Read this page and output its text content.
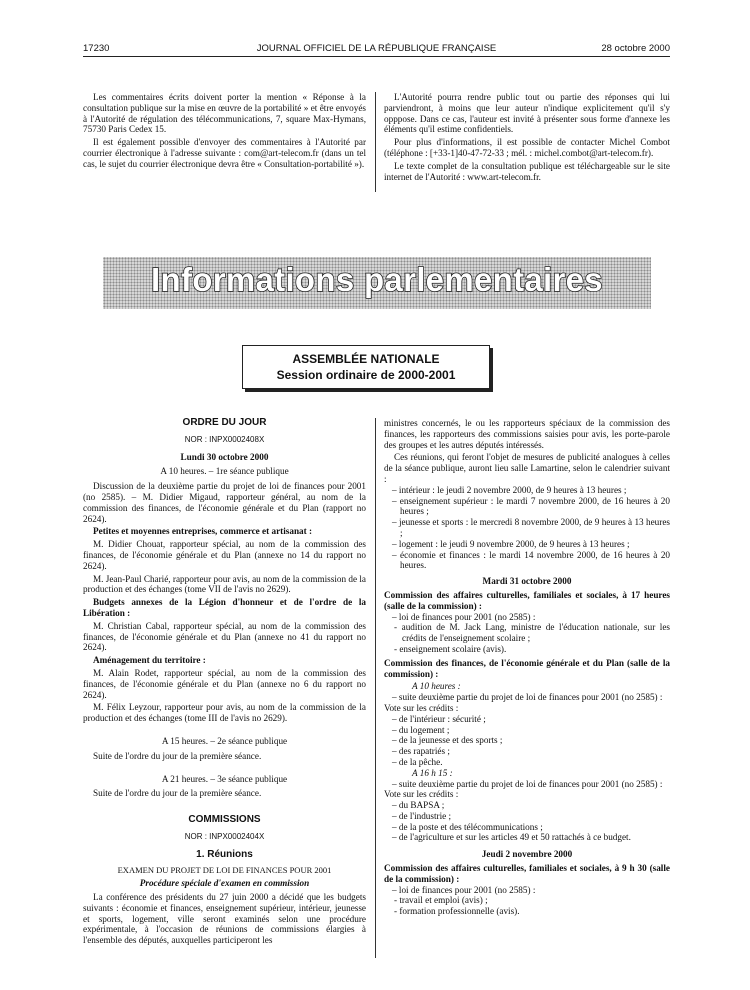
17230	JOURNAL OFFICIEL DE LA RÉPUBLIQUE FRANÇAISE	28 octobre 2000

Les commentaires écrits doivent porter la mention « Réponse à la consultation publique sur la mise en œuvre de la portabilité » et être envoyés à l'Autorité de régulation des télécommunications, 7, square Max-Hymans, 75730 Paris Cedex 15.

Il est également possible d'envoyer des commentaires à l'Autorité par courrier électronique à l'adresse suivante : com@art-telecom.fr (dans un tel cas, le sujet du courrier électronique devra être « Consultation-portabilité »).

L'Autorité pourra rendre public tout ou partie des réponses qui lui parviendront, à moins que leur auteur n'indique explicitement qu'il s'y opppose. Dans ce cas, l'auteur est invité à présenter sous forme d'annexe les éléments qu'il estime confidentiels.

Pour plus d'informations, il est possible de contacter Michel Combot (téléphone : [+33-1]40-47-72-33 ; mél. : michel.combot@art-telecom.fr).

Le texte complet de la consultation publique est téléchargeable sur le site internet de l'Autorité : www.art-telecom.fr.

Informations parlementaires
ASSEMBLÉE NATIONALE
Session ordinaire de 2000-2001
ORDRE DU JOUR
NOR : INPX0002408X

Lundi 30 octobre 2000

A 10 heures. – 1re séance publique

Discussion de la deuxième partie du projet de loi de finances pour 2001 (no 2585). – M. Didier Migaud, rapporteur général, au nom de la commission des finances, de l'économie générale et du Plan (rapport no 2624).

Petites et moyennes entreprises, commerce et artisanat :

M. Didier Chouat, rapporteur spécial, au nom de la commission des finances, de l'économie générale et du Plan (annexe no 14 du rapport no 2624).

M. Jean-Paul Charié, rapporteur pour avis, au nom de la commission de la production et des échanges (tome VII de l'avis no 2629).

Budgets annexes de la Légion d'honneur et de l'ordre de la Libération :

M. Christian Cabal, rapporteur spécial, au nom de la commission des finances, de l'économie générale et du Plan (annexe no 41 du rapport no 2624).

Aménagement du territoire :

M. Alain Rodet, rapporteur spécial, au nom de la commission des finances, de l'économie générale et du Plan (annexe no 6 du rapport no 2624).

M. Félix Leyzour, rapporteur pour avis, au nom de la commission de la production et des échanges (tome III de l'avis no 2629).

A 15 heures. – 2e séance publique

Suite de l'ordre du jour de la première séance.

A 21 heures. – 3e séance publique

Suite de l'ordre du jour de la première séance.

COMMISSIONS
NOR : INPX0002404X
1. Réunions

EXAMEN DU PROJET DE LOI DE FINANCES POUR 2001

Procédure spéciale d'examen en commission

La conférence des présidents du 27 juin 2000 a décidé que les budgets suivants : économie et finances, enseignement supérieur, intérieur, jeunesse et sports, logement, ville seront examinés selon une procédure expérimentale, à l'occasion de réunions de commissions élargies à l'ensemble des députés, auxquelles participeront les

ministres concernés, le ou les rapporteurs spéciaux de la commission des finances, les rapporteurs des commissions saisies pour avis, les porte-parole des groupes et les autres députés intéressés.

Ces réunions, qui feront l'objet de mesures de publicité analogues à celles de la séance publique, auront lieu salle Lamartine, selon le calendrier suivant :

– intérieur : le jeudi 2 novembre 2000, de 9 heures à 13 heures ;
– enseignement supérieur : le mardi 7 novembre 2000, de 16 heures à 20 heures ;
– jeunesse et sports : le mercredi 8 novembre 2000, de 9 heures à 13 heures ;
– logement : le jeudi 9 novembre 2000, de 9 heures à 13 heures ;
– économie et finances : le mardi 14 novembre 2000, de 16 heures à 20 heures.

Mardi 31 octobre 2000

Commission des affaires culturelles, familiales et sociales, à 17 heures (salle de la commission) :

– loi de finances pour 2001 (no 2585) :
- audition de M. Jack Lang, ministre de l'éducation nationale, sur les crédits de l'enseignement scolaire ;
- enseignement scolaire (avis).

Commission des finances, de l'économie générale et du Plan (salle de la commission) :

A 10 heures :

– suite deuxième partie du projet de loi de finances pour 2001 (no 2585) :

Vote sur les crédits :

– de l'intérieur : sécurité ;
– du logement ;
– de la jeunesse et des sports ;
– des rapatriés ;
– de la pêche.

A 16 h 15 :

– suite deuxième partie du projet de loi de finances pour 2001 (no 2585) :

Vote sur les crédits :

– du BAPSA ;
– de l'industrie ;
– de la poste et des télécommunications ;
– de l'agriculture et sur les articles 49 et 50 rattachés à ce budget.

Jeudi 2 novembre 2000

Commission des affaires culturelles, familiales et sociales, à 9 h 30 (salle de la commission) :

– loi de finances pour 2001 (no 2585) :
- travail et emploi (avis) ;
- formation professionnelle (avis).
